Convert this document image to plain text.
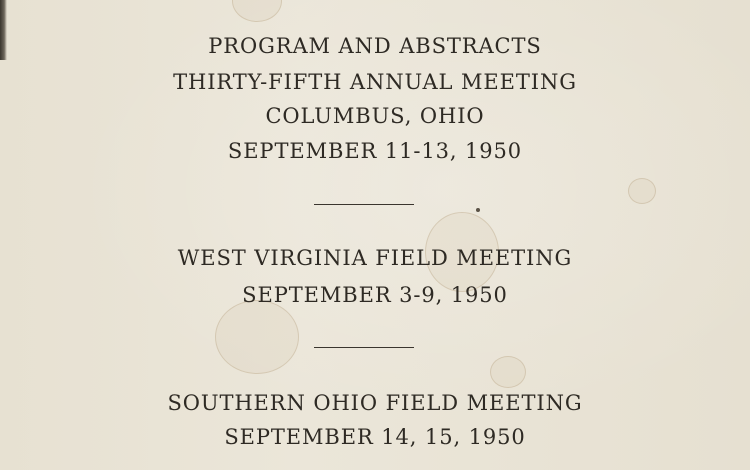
PROGRAM AND ABSTRACTS
THIRTY-FIFTH ANNUAL MEETING
COLUMBUS, OHIO
SEPTEMBER 11-13, 1950
WEST VIRGINIA FIELD MEETING
SEPTEMBER 3-9, 1950
SOUTHERN OHIO FIELD MEETING
SEPTEMBER 14, 15, 1950
